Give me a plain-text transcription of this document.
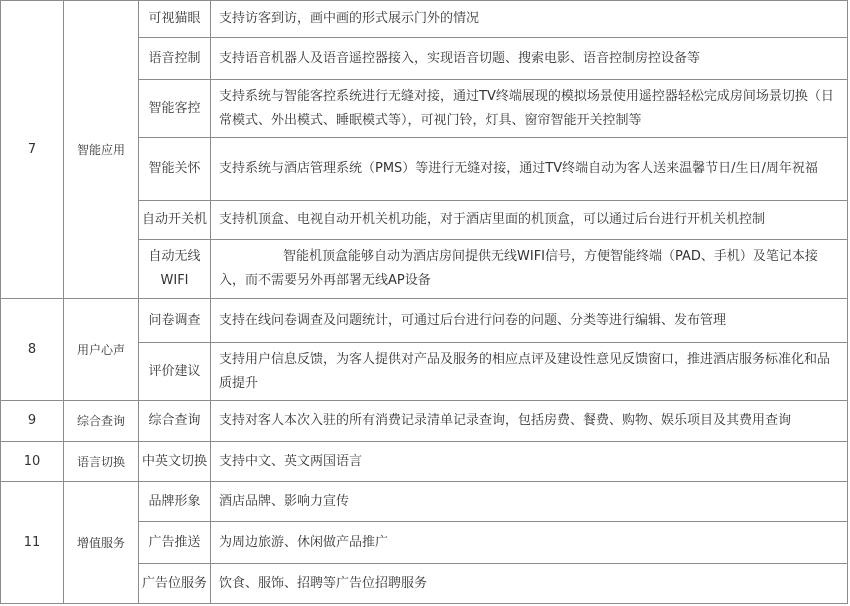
7	智能应用	可视猫眼	支持访客到访，画中画的形式展示门外的情况
		语音控制	支持语音机器人及语音遥控器接入，实现语音切题、搜索电影、语音控制房控设备等
		智能客控	支持系统与智能客控系统进行无缝对接，通过TV终端展现的模拟场景使用遥控器轻松完成房间场景切换（日常模式、外出模式、睡眠模式等），可视门铃，灯具、窗帘智能开关控制等
		智能关怀	支持系统与酒店管理系统（PMS）等进行无缝对接，通过TV终端自动为客人送来温馨节日/生日/周年祝福
		自动开关机	支持机顶盒、电视自动开机关机功能，对于酒店里面的机顶盒，可以通过后台进行开机关机控制
		自动无线WIFI	智能机顶盒能够自动为酒店房间提供无线WIFI信号，方便智能终端（PAD、手机）及笔记本接入，而不需要另外再部署无线AP设备
8	用户心声	问卷调查	支持在线问卷调查及问题统计，可通过后台进行问卷的问题、分类等进行编辑、发布管理
		评价建议	支持用户信息反馈，为客人提供对产品及服务的相应点评及建设性意见反馈窗口，推进酒店服务标准化和品质提升
9	综合查询	综合查询	支持对客人本次入驻的所有消费记录清单记录查询，包括房费、餐费、购物、娱乐项目及其费用查询
10	语言切换	中英文切换	支持中文、英文两国语言
11	增值服务	品牌形象	酒店品牌、影响力宣传
		广告推送	为周边旅游、休闲做产品推广
		广告位服务	饮食、服饰、招聘等广告位招聘服务
